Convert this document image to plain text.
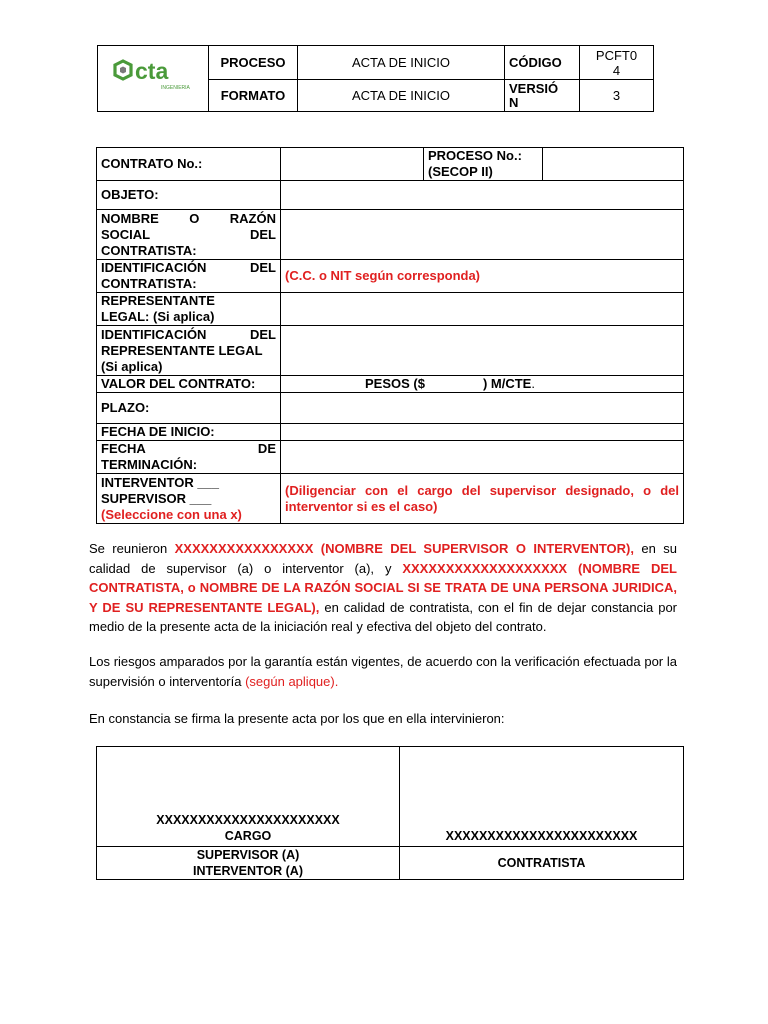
cta
INGENIERIA	PROCESO	ACTA DE INICIO	CÓDIGO	PCFT0
4
	FORMATO	ACTA DE INICIO	VERSIÓ
N	3
CONTRATO No.:		PROCESO No.:
(SECOP II)	
OBJETO:			

NOMBRE O RAZÓN
SOCIAL DEL
CONTRATISTA:			

IDENTIFICACIÓN DEL
CONTRATISTA:	(C.C. o NIT según corresponda)		

REPRESENTANTE
LEGAL: (Si aplica)			

IDENTIFICACIÓN DEL
REPRESENTANTE LEGAL
(Si aplica)			

VALOR DEL CONTRATO:	PESOS ($ ) M/CTE.		
PLAZO:			
FECHA DE INICIO:			

FECHA DE
TERMINACIÓN:			

INTERVENTOR ___
SUPERVISOR ___
(Seleccione con una x)	(Diligenciar con el cargo del supervisor designado, o del interventor si es el caso)		

Se reunieron XXXXXXXXXXXXXXXX (NOMBRE DEL SUPERVISOR O INTERVENTOR), en su calidad de supervisor (a) o interventor (a), y XXXXXXXXXXXXXXXXXXX (NOMBRE DEL CONTRATISTA, o NOMBRE DE LA RAZÓN SOCIAL SI SE TRATA DE UNA PERSONA JURIDICA, Y DE SU REPRESENTANTE LEGAL), en calidad de contratista, con el fin de dejar constancia por medio de la presente acta de la iniciación real y efectiva del objeto del contrato.

Los riesgos amparados por la garantía están vigentes, de acuerdo con la verificación efectuada por la supervisión o interventoría (según aplique).

En constancia se firma la presente acta por los que en ella intervinieron:

XXXXXXXXXXXXXXXXXXXXXX
CARGO	XXXXXXXXXXXXXXXXXXXXXXX

SUPERVISOR (A)
INTERVENTOR (A)	CONTRATISTA
